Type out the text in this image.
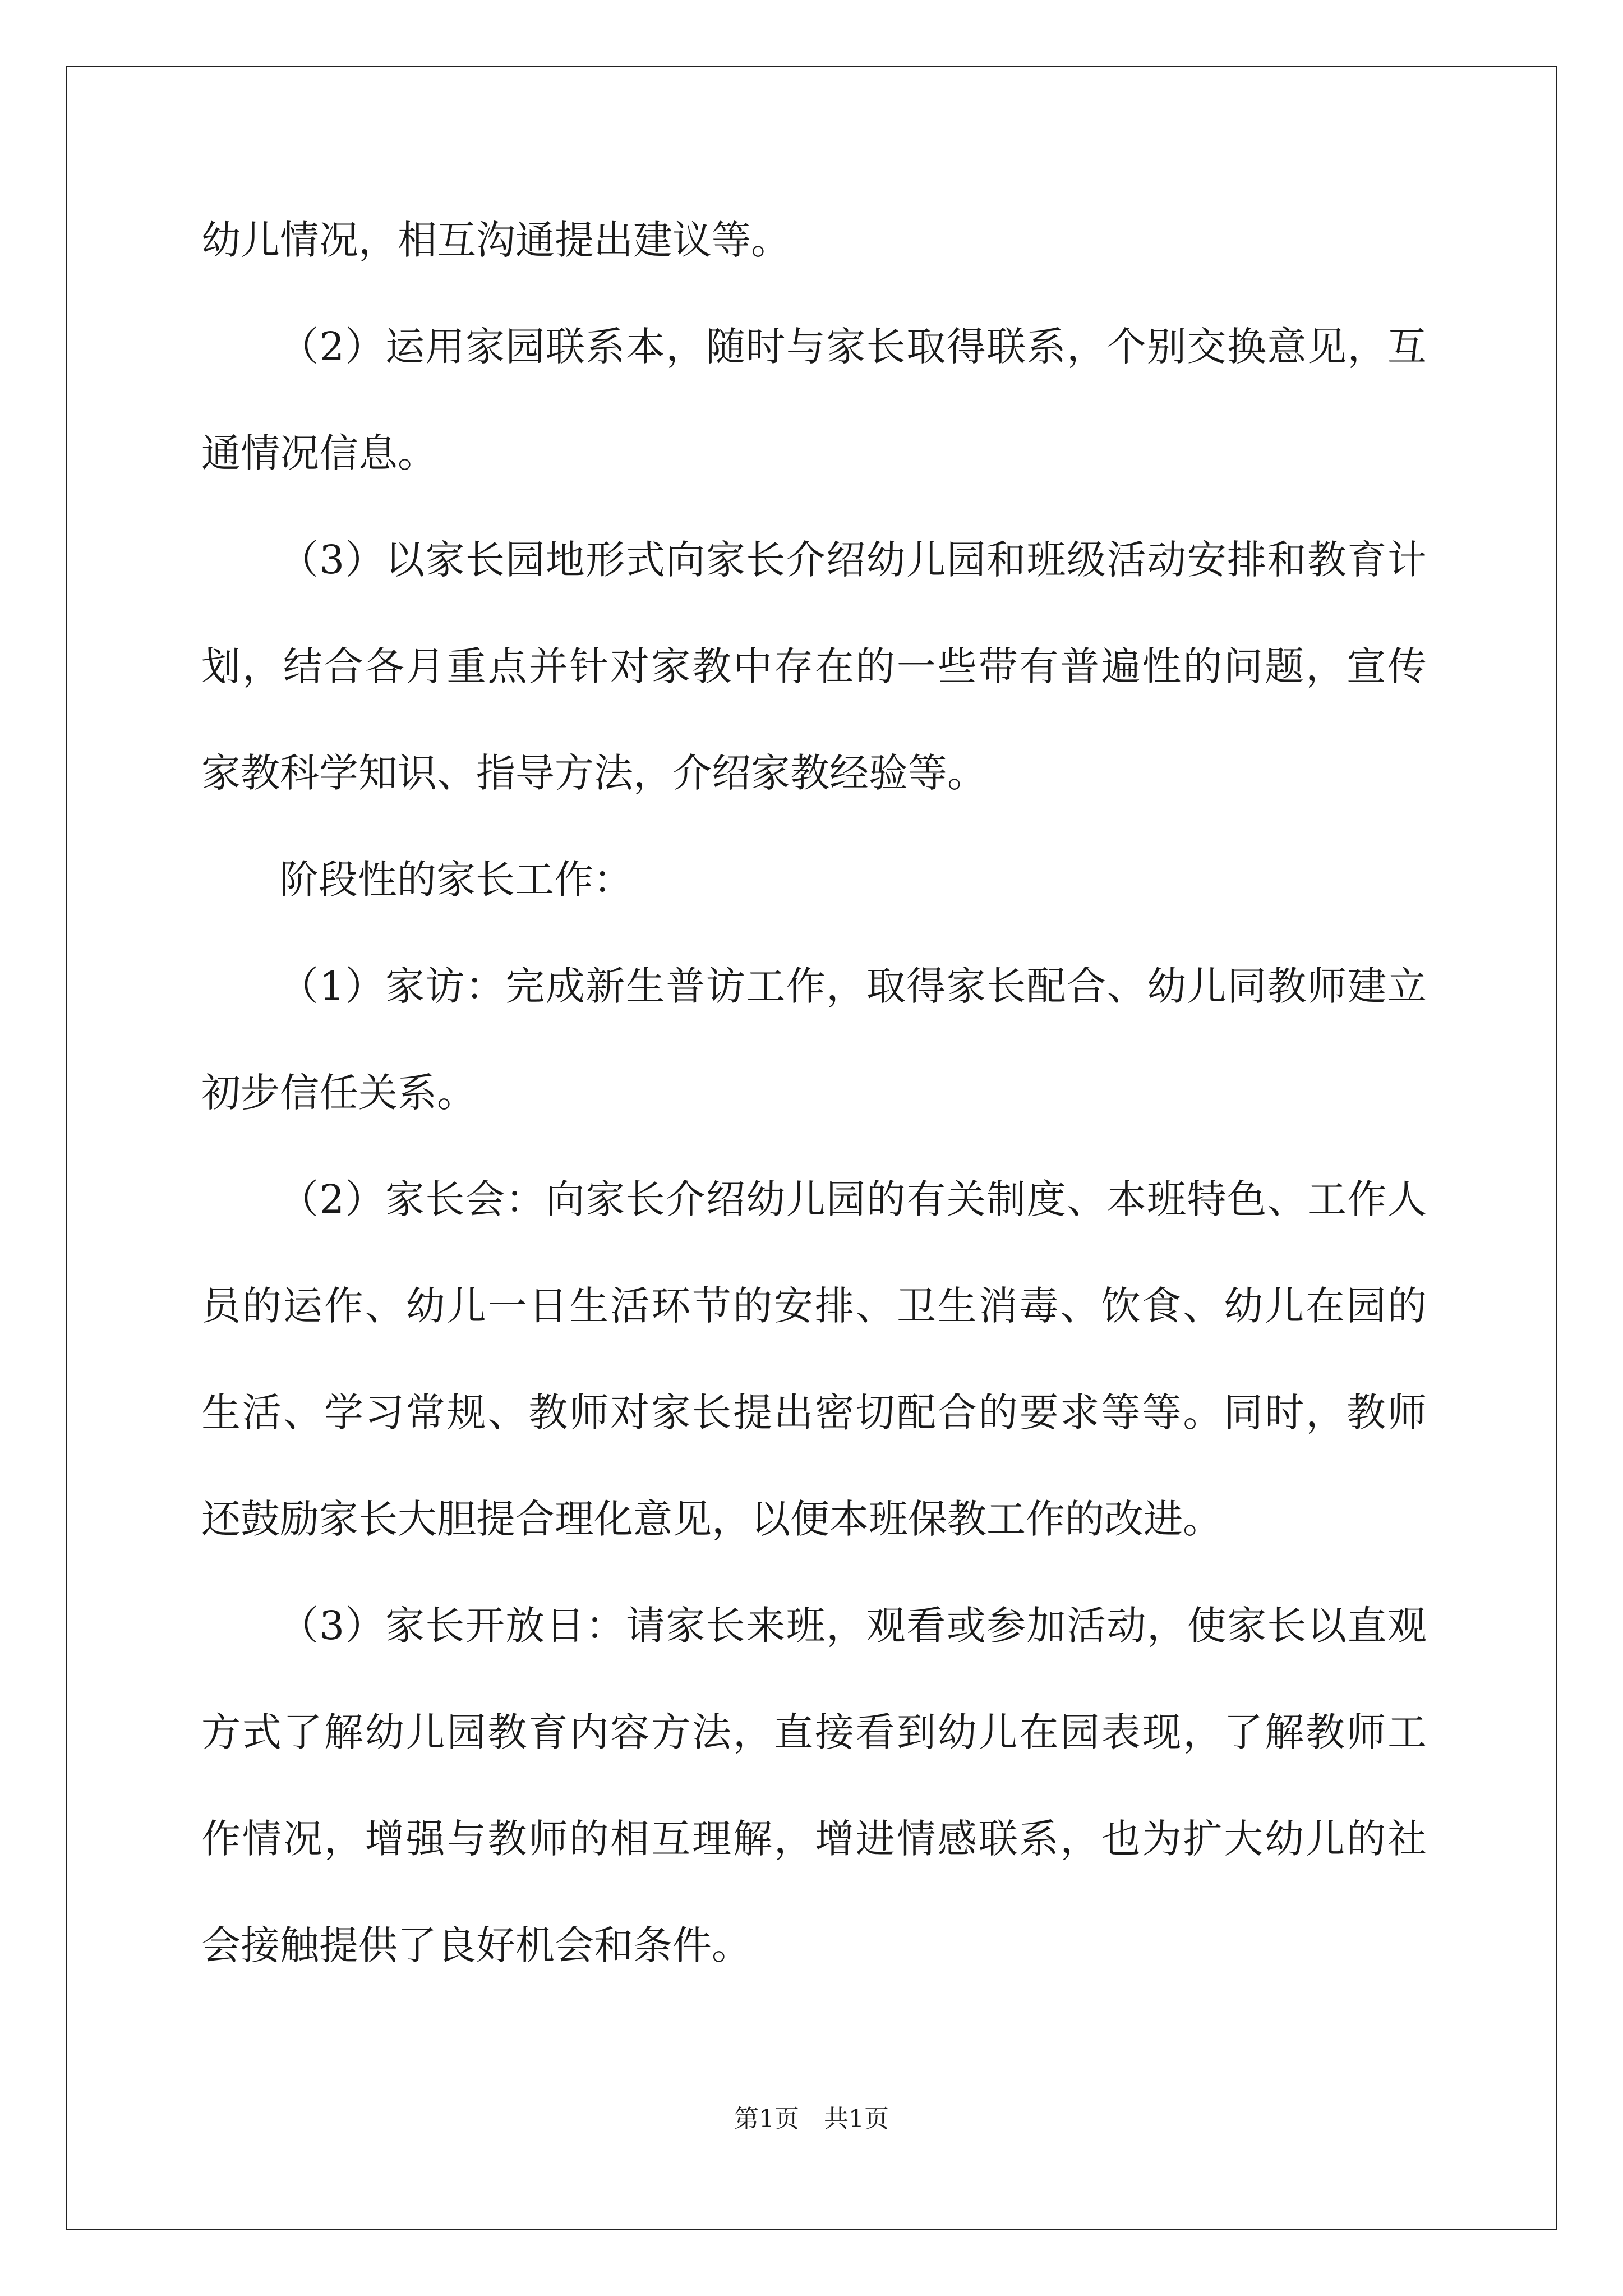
幼儿情况，相互沟通提出建议等。

（2）运用家园联系本，随时与家长取得联系，个别交换意见，互

通情况信息。

（3）以家长园地形式向家长介绍幼儿园和班级活动安排和教育计

划，结合各月重点并针对家教中存在的一些带有普遍性的问题，宣传

家教科学知识、指导方法，介绍家教经验等。

阶段性的家长工作：

（1）家访：完成新生普访工作，取得家长配合、幼儿同教师建立

初步信任关系。

（2）家长会：向家长介绍幼儿园的有关制度、本班特色、工作人

员的运作、幼儿一日生活环节的安排、卫生消毒、饮食、幼儿在园的

生活、学习常规、教师对家长提出密切配合的要求等等。同时，教师

还鼓励家长大胆提合理化意见，以便本班保教工作的改进。

（3）家长开放日：请家长来班，观看或参加活动，使家长以直观

方式了解幼儿园教育内容方法，直接看到幼儿在园表现，了解教师工

作情况，增强与教师的相互理解，增进情感联系，也为扩大幼儿的社

会接触提供了良好机会和条件。

第1页 共1页
